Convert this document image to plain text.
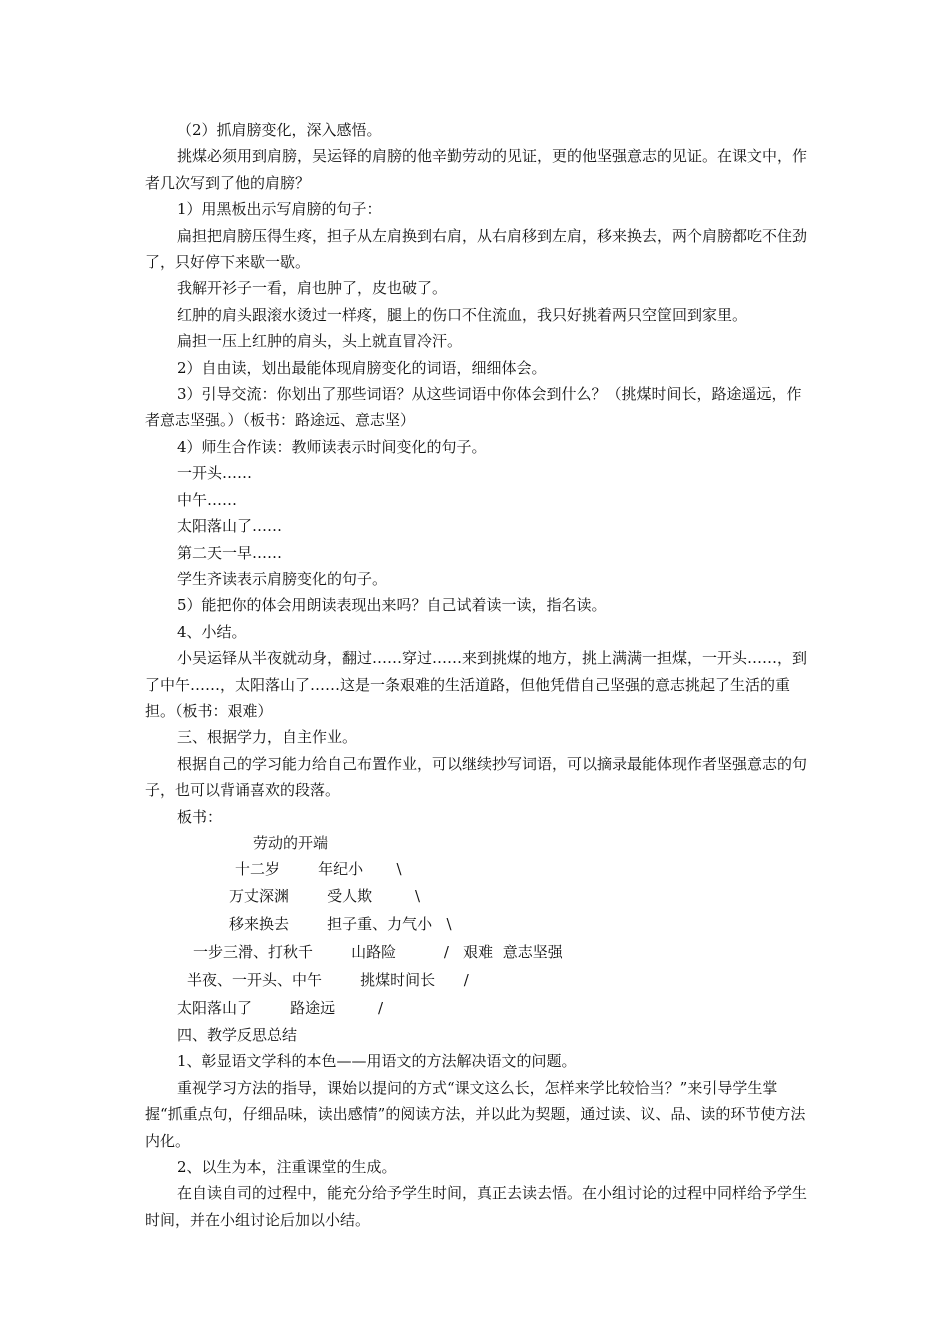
（2）抓肩膀变化，深入感悟。

挑煤必须用到肩膀，吴运铎的肩膀的他辛勤劳动的见证，更的他坚强意志的见证。在课文中，作者几次写到了他的肩膀？

1）用黑板出示写肩膀的句子：

扁担把肩膀压得生疼，担子从左肩换到右肩，从右肩移到左肩，移来换去，两个肩膀都吃不住劲了，只好停下来歇一歇。

我解开衫子一看，肩也肿了，皮也破了。

红肿的肩头跟滚水烫过一样疼，腿上的伤口不住流血，我只好挑着两只空筐回到家里。

扁担一压上红肿的肩头，头上就直冒冷汗。

2）自由读，划出最能体现肩膀变化的词语，细细体会。

3）引导交流：你划出了那些词语？从这些词语中你体会到什么？（挑煤时间长，路途遥远，作者意志坚强。）（板书：路途远、意志坚）

4）师生合作读：教师读表示时间变化的句子。

一开头……

中午……

太阳落山了……

第二天一早……

学生齐读表示肩膀变化的句子。

5）能把你的体会用朗读表现出来吗？自己试着读一读，指名读。

4、小结。

小吴运铎从半夜就动身，翻过……穿过……来到挑煤的地方，挑上满满一担煤，一开头……，到了中午……，太阳落山了……这是一条艰难的生活道路，但他凭借自己坚强的意志挑起了生活的重担。（板书：艰难）

三、根据学力，自主作业。

根据自己的学习能力给自己布置作业，可以继续抄写词语，可以摘录最能体现作者坚强意志的句子，也可以背诵喜欢的段落。

板书：

劳动的开端
十二岁        年纪小       \
万丈深渊        受人欺         \
移来换去        担子重、力气小   \
一步三滑、打秋千        山路险          /   艰难  意志坚强
半夜、一开头、中午        挑煤时间长      /
太阳落山了        路途远         /

四、教学反思总结

1、彰显语文学科的本色——用语文的方法解决语文的问题。

重视学习方法的指导，课始以提问的方式“课文这么长，怎样来学比较恰当？”来引导学生掌握“抓重点句，仔细品味，读出感情”的阅读方法，并以此为契题，通过读、议、品、读的环节使方法内化。

2、以生为本，注重课堂的生成。

在自读自司的过程中，能充分给予学生时间，真正去读去悟。在小组讨论的过程中同样给予学生时间，并在小组讨论后加以小结。
